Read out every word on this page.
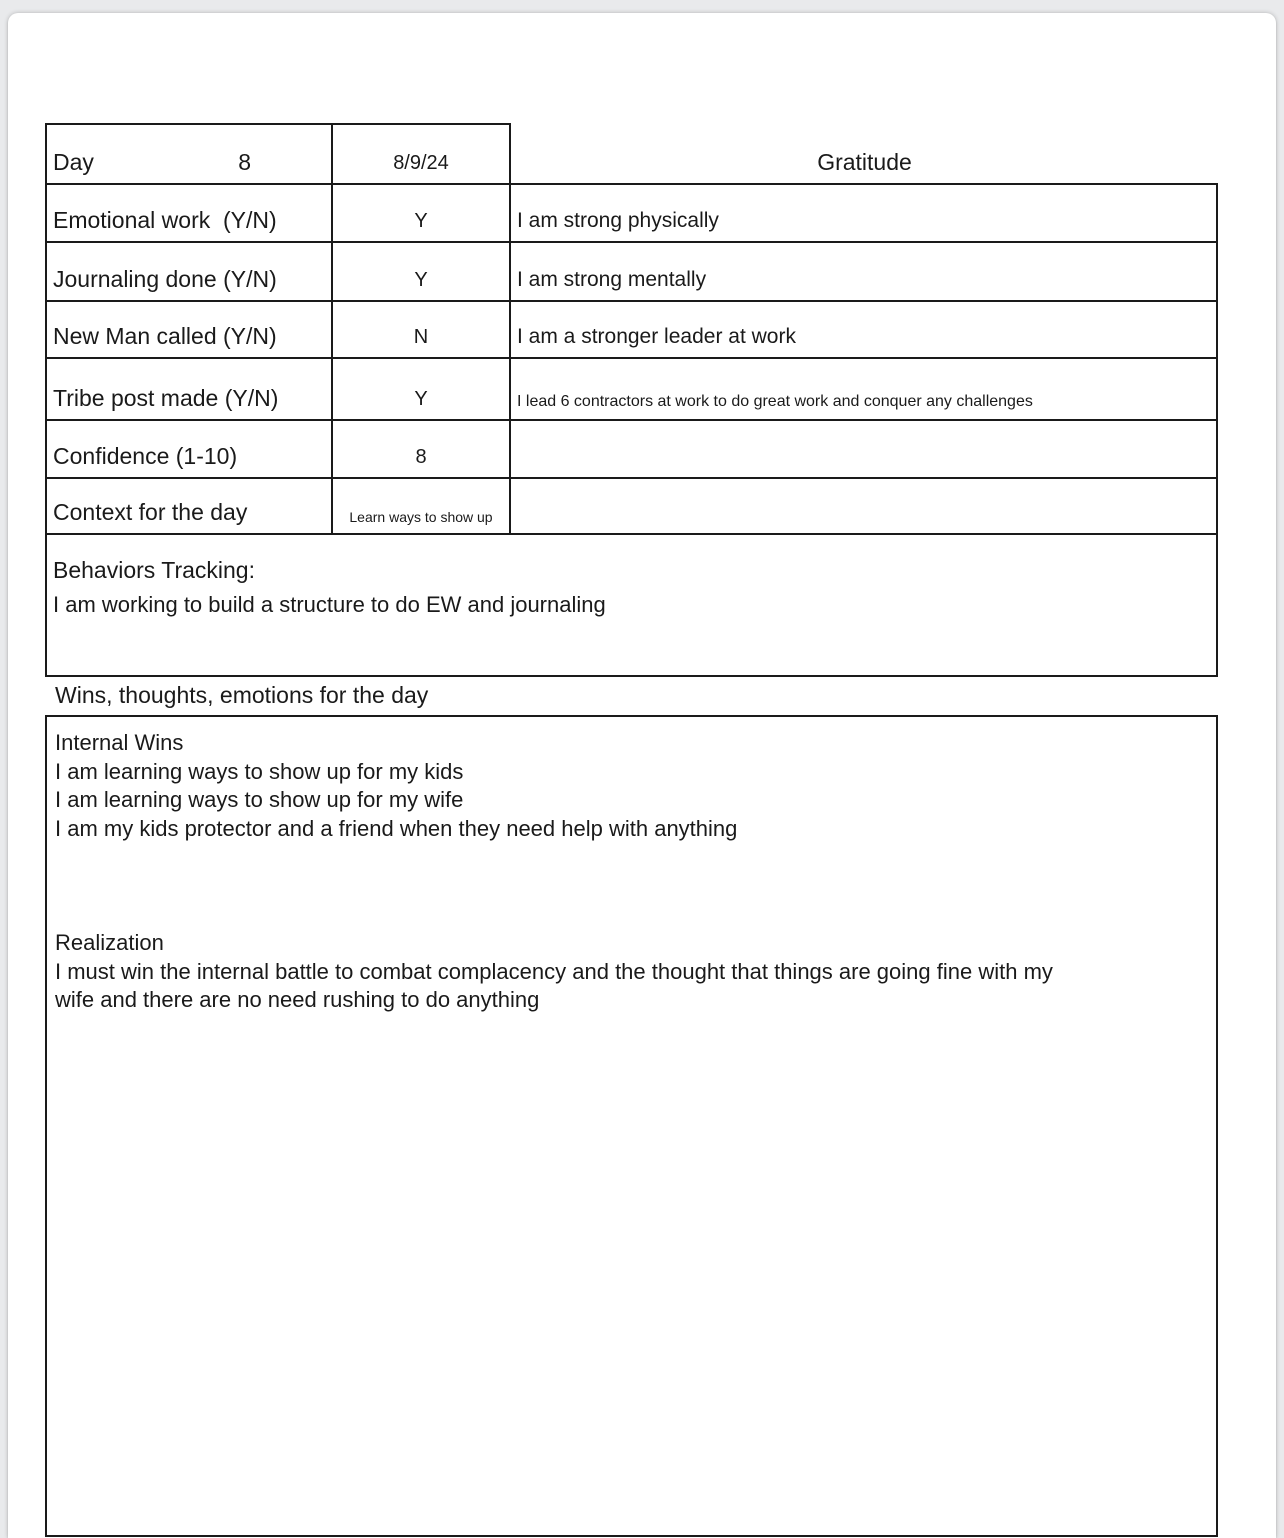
Day	8	8/9/24	Gratitude
Emotional work  (Y/N)	Y	I am strong physically
Journaling done (Y/N)	Y	I am strong mentally
New Man called (Y/N)	N	I am a stronger leader at work
Tribe post made (Y/N)	Y	I lead 6 contractors at work to do great work and conquer any challenges
Confidence (1-10)	8
Context for the day	Learn ways to show up
Behaviors Tracking:
I am working to build a structure to do EW and journaling
Wins, thoughts, emotions for the day
Internal Wins
I am learning ways to show up for my kids
I am learning ways to show up for my wife
I am my kids protector and a friend when they need help with anything
Realization
I must win the internal battle to combat complacency and the thought that things are going fine with my
wife and there are no need rushing to do anything
